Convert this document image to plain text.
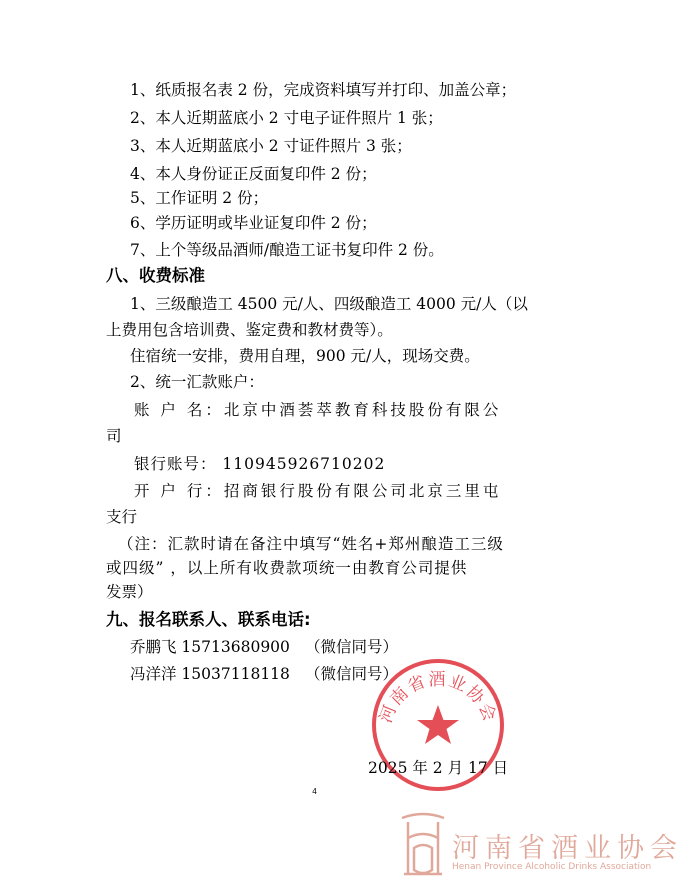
1、纸质报名表 2 份，完成资料填写并打印、加盖公章；
2、本人近期蓝底小 2 寸电子证件照片 1 张；
3、本人近期蓝底小 2 寸证件照片 3 张；
4、本人身份证正反面复印件 2 份；
5、工作证明 2 份；
6、学历证明或毕业证复印件 2 份；
7、上个等级品酒师/酿造工证书复印件 2 份。
八、收费标准
1、三级酿造工 4500 元/人、四级酿造工 4000 元/人（以
上费用包含培训费、鉴定费和教材费等）。
住宿统一安排，费用自理，900 元/人，现场交费。
2、统一汇款账户：
账 户 名：北京中酒荟萃教育科技股份有限公
司
银行账号： 110945926710202
开 户 行：招商银行股份有限公司北京三里屯
支行
（注：汇款时请在备注中填写“姓名+郑州酿造工三级
或四级” ，以上所有收费款项统一由教育公司提供
发票）
九、报名联系人、联系电话:
乔鹏飞 15713680900 （微信同号）
冯洋洋 15037118118 （微信同号）
河南省酒业协会
2025 年 2 月 17 日
4
河南省酒业协会
Henan Province Alcoholic Drinks Association
